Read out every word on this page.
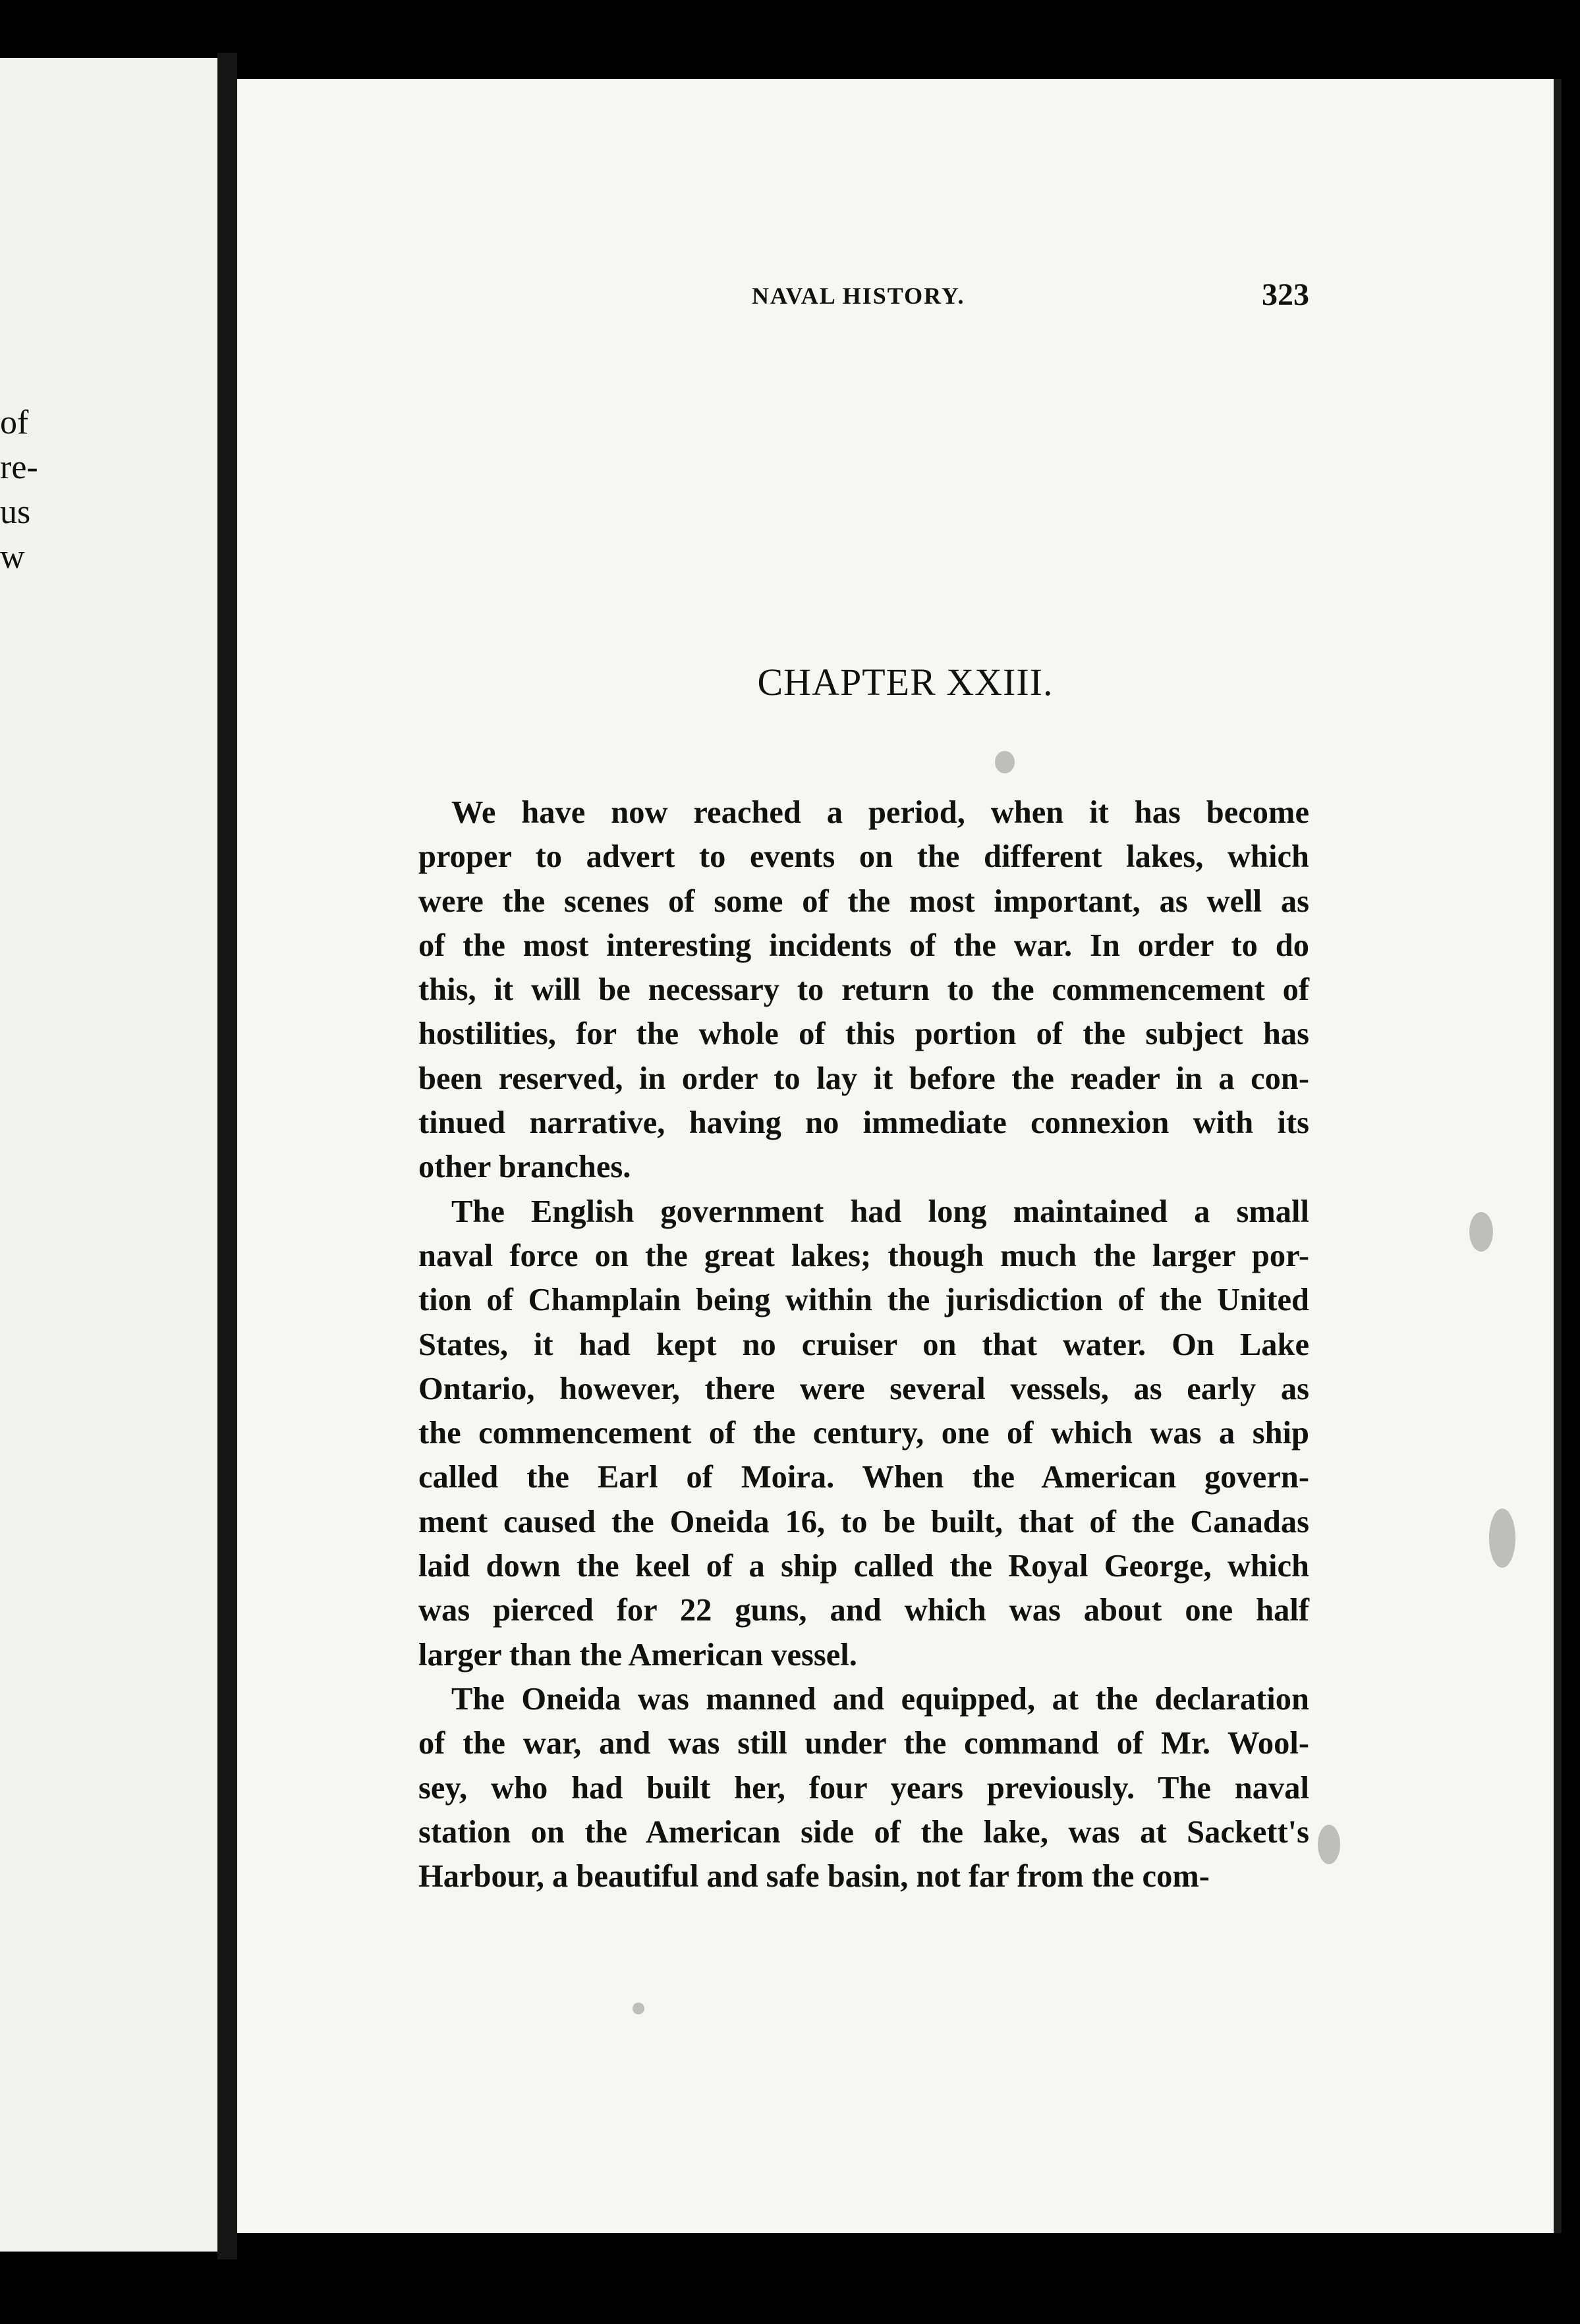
of
re-
us
w
NAVAL HISTORY.	323
CHAPTER XXIII.
We have now reached a period, when it has become
proper to advert to events on the different lakes, which
were the scenes of some of the most important, as well as
of the most interesting incidents of the war. In order to do
this, it will be necessary to return to the commencement of
hostilities, for the whole of this portion of the subject has
been reserved, in order to lay it before the reader in a con-
tinued narrative, having no immediate connexion with its
other branches.
The English government had long maintained a small
naval force on the great lakes; though much the larger por-
tion of Champlain being within the jurisdiction of the United
States, it had kept no cruiser on that water. On Lake
Ontario, however, there were several vessels, as early as
the commencement of the century, one of which was a ship
called the Earl of Moira. When the American govern-
ment caused the Oneida 16, to be built, that of the Canadas
laid down the keel of a ship called the Royal George, which
was pierced for 22 guns, and which was about one half
larger than the American vessel.
The Oneida was manned and equipped, at the declaration
of the war, and was still under the command of Mr. Wool-
sey, who had built her, four years previously. The naval
station on the American side of the lake, was at Sackett's
Harbour, a beautiful and safe basin, not far from the com-
